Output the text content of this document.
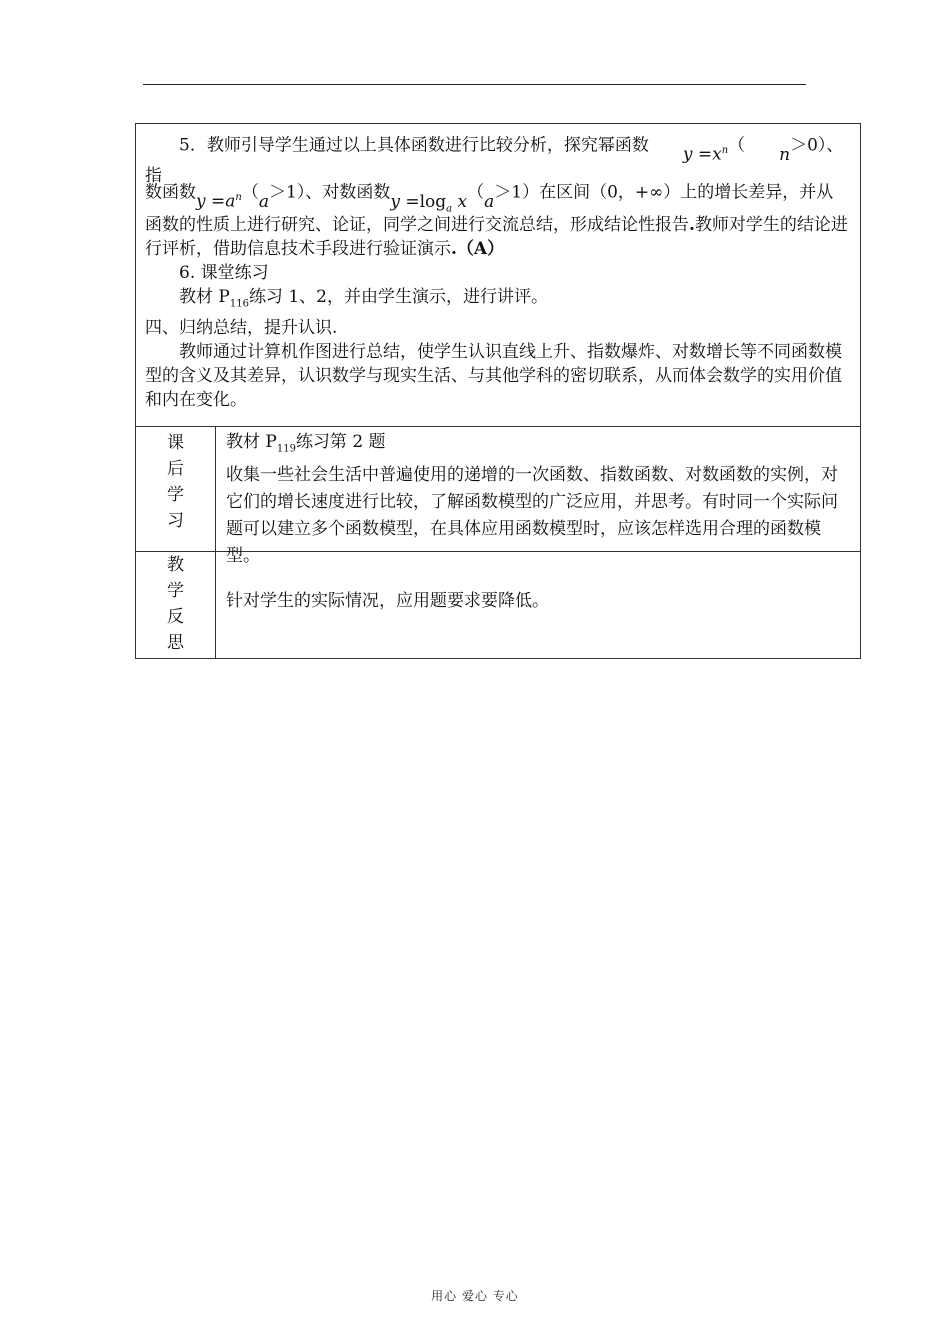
5．教师引导学生通过以上具体函数进行比较分析，探究幂函数 $y =x^n$（ n＞0）、指

数函数$y =a^n(a>1)$、对数函数$y =\log_a$ x（a＞1）在区间（0，+∞）上的增长差异，并从
函数的性质上进行研究、论证，同学之间进行交流总结，形成结论性报告.教师对学生的结论进行评析，借助信息技术手段进行验证演示.（A）

6. 课堂练习

教材 $P_{116}$练习 1、2，并由学生演示，进行讲评。

四、归纳总结，提升认识.

教师通过计算机作图进行总结，使学生认识直线上升、指数爆炸、对数增长等不同函数模型的含义及其差异，认识数学与现实生活、与其他学科的密切联系，从而体会数学的实用价值和内在变化。

课
后
学
习
教材 $P_{119}$练习第 2 题
收集一些社会生活中普遍使用的递增的一次函数、指数函数、对数函数的实例，对它们的增长速度进行比较，了解函数模型的广泛应用，并思考。有时同一个实际问题可以建立多个函数模型，在具体应用函数模型时，应该怎样选用合理的函数模型。
教
学
反
思
针对学生的实际情况，应用题要求要降低。
用心 爱心 专心
